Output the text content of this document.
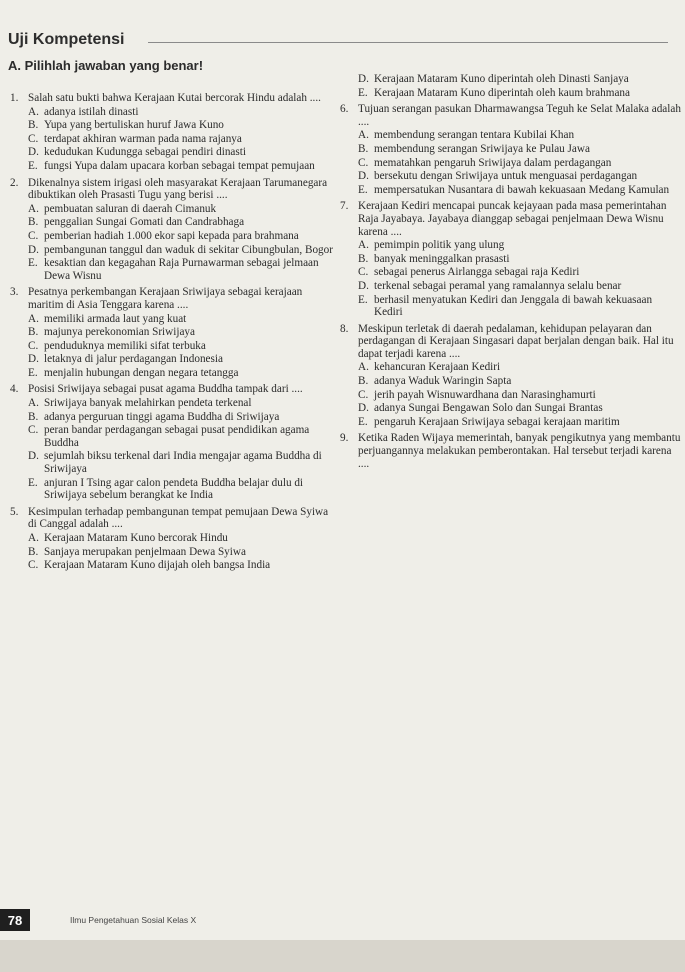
Uji Kompetensi
A. Pilihlah jawaban yang benar!
1. Salah satu bukti bahwa Kerajaan Kutai bercorak Hindu adalah ....
A. adanya istilah dinasti
B. Yupa yang bertuliskan huruf Jawa Kuno
C. terdapat akhiran warman pada nama rajanya
D. kedudukan Kudungga sebagai pendiri dinasti
E. fungsi Yupa dalam upacara korban sebagai tempat pemujaan
2. Dikenalnya sistem irigasi oleh masyarakat Kerajaan Tarumanegara dibuktikan oleh Prasasti Tugu yang berisi ....
A. pembuatan saluran di daerah Cimanuk
B. penggalian Sungai Gomati dan Candrabhaga
C. pemberian hadiah 1.000 ekor sapi kepada para brahmana
D. pembangunan tanggul dan waduk di sekitar Cibungbulan, Bogor
E. kesaktian dan kegagahan Raja Purnawarman sebagai jelmaan Dewa Wisnu
3. Pesatnya perkembangan Kerajaan Sriwijaya sebagai kerajaan maritim di Asia Tenggara karena ....
A. memiliki armada laut yang kuat
B. majunya perekonomian Sriwijaya
C. penduduknya memiliki sifat terbuka
D. letaknya di jalur perdagangan Indonesia
E. menjalin hubungan dengan negara tetangga
4. Posisi Sriwijaya sebagai pusat agama Buddha tampak dari ....
A. Sriwijaya banyak melahirkan pendeta terkenal
B. adanya perguruan tinggi agama Buddha di Sriwijaya
C. peran bandar perdagangan sebagai pusat pendidikan agama Buddha
D. sejumlah biksu terkenal dari India mengajar agama Buddha di Sriwijaya
E. anjuran I Tsing agar calon pendeta Buddha belajar dulu di Sriwijaya sebelum berangkat ke India
5. Kesimpulan terhadap pembangunan tempat pemujaan Dewa Syiwa di Canggal adalah ....
A. Kerajaan Mataram Kuno bercorak Hindu
B. Sanjaya merupakan penjelmaan Dewa Syiwa
C. Kerajaan Mataram Kuno dijajah oleh bangsa India
D. Kerajaan Mataram Kuno diperintah oleh Dinasti Sanjaya
E. Kerajaan Mataram Kuno diperintah oleh kaum brahmana
6. Tujuan serangan pasukan Dharmawangsa Teguh ke Selat Malaka adalah ....
A. membendung serangan tentara Kubilai Khan
B. membendung serangan Sriwijaya ke Pulau Jawa
C. mematahkan pengaruh Sriwijaya dalam perdagangan
D. bersekutu dengan Sriwijaya untuk menguasai perdagangan
E. mempersatukan Nusantara di bawah kekuasaan Medang Kamulan
7. Kerajaan Kediri mencapai puncak kejayaan pada masa pemerintahan Raja Jayabaya. Jayabaya dianggap sebagai penjelmaan Dewa Wisnu karena ....
A. pemimpin politik yang ulung
B. banyak meninggalkan prasasti
C. sebagai penerus Airlangga sebagai raja Kediri
D. terkenal sebagai peramal yang ramalannya selalu benar
E. berhasil menyatukan Kediri dan Jenggala di bawah kekuasaan Kediri
8. Meskipun terletak di daerah pedalaman, kehidupan pelayaran dan perdagangan di Kerajaan Singasari dapat berjalan dengan baik. Hal itu dapat terjadi karena ....
A. kehancuran Kerajaan Kediri
B. adanya Waduk Waringin Sapta
C. jerih payah Wisnuwardhana dan Narasinghamurti
D. adanya Sungai Bengawan Solo dan Sungai Brantas
E. pengaruh Kerajaan Sriwijaya sebagai kerajaan maritim
9. Ketika Raden Wijaya memerintah, banyak pengikutnya yang membantu perjuangannya melakukan pemberontakan. Hal tersebut terjadi karena ....
78	Ilmu Pengetahuan Sosial Kelas X
